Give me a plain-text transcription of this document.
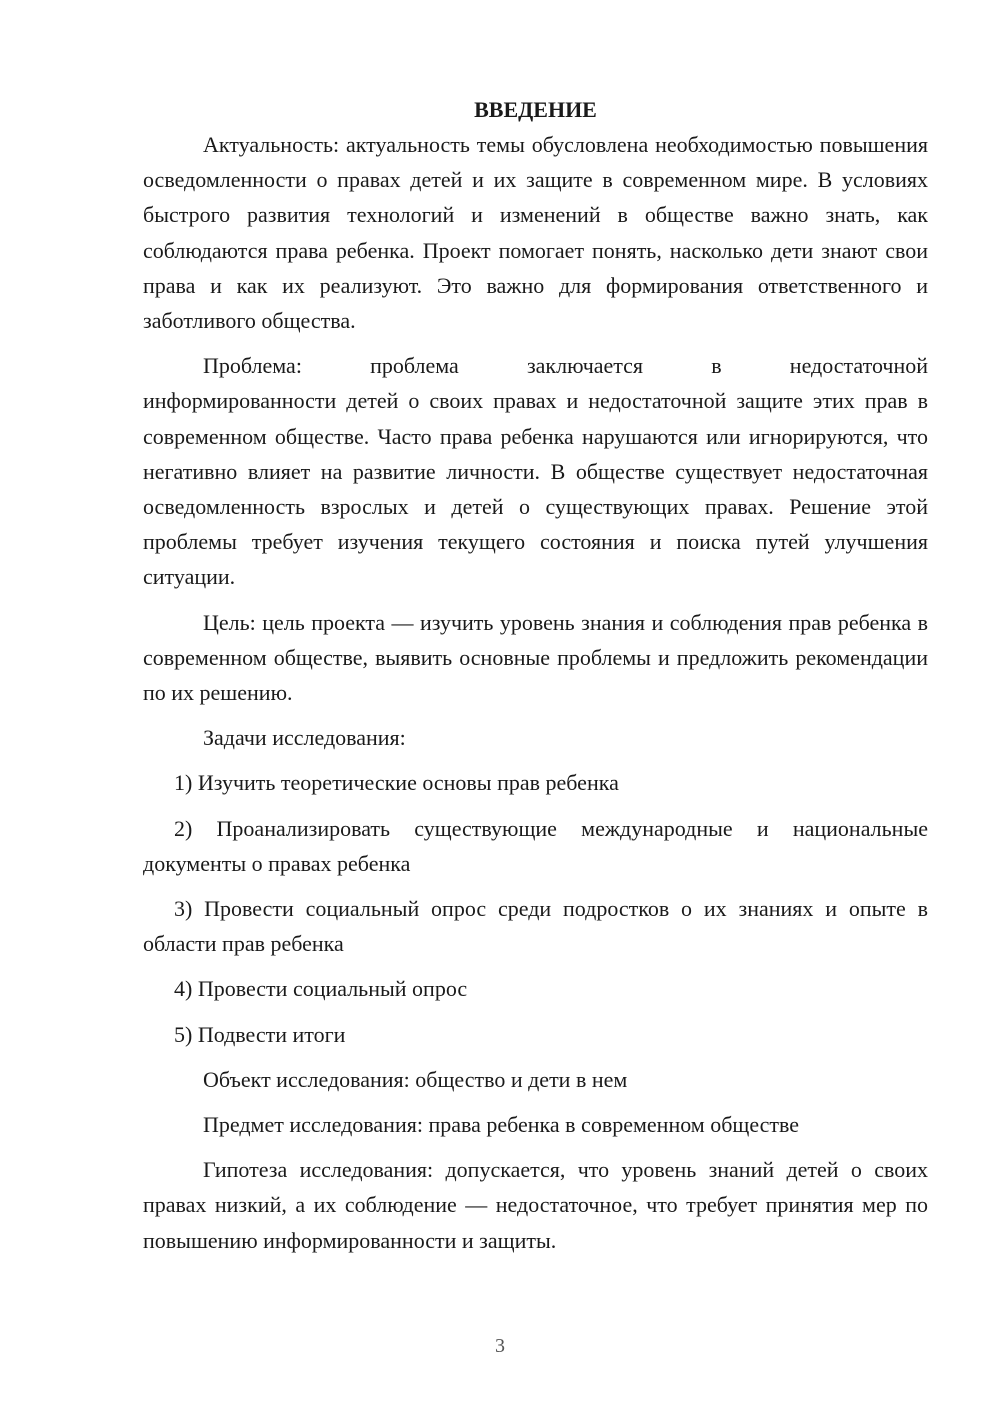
ВВЕДЕНИЕ

Актуальность: актуальность темы обусловлена необходимостью повышения осведомленности о правах детей и их защите в современном мире. В условиях быстрого развития технологий и изменений в обществе важно знать, как соблюдаются права ребенка. Проект помогает понять, насколько дети знают свои права и как их реализуют. Это важно для формирования ответственного и заботливого общества.

Проблема: проблема заключается в недостаточной

информированности детей о своих правах и недостаточной защите этих прав в современном обществе. Часто права ребенка нарушаются или игнорируются, что негативно влияет на развитие личности. В обществе существует недостаточная осведомленность взрослых и детей о существующих правах. Решение этой проблемы требует изучения текущего состояния и поиска путей улучшения ситуации.

Цель: цель проекта — изучить уровень знания и соблюдения прав ребенка в современном обществе, выявить основные проблемы и предложить рекомендации по их решению.

Задачи исследования:

1) Изучить теоретические основы прав ребенка

2) Проанализировать существующие международные и национальные документы о правах ребенка

3) Провести социальный опрос среди подростков о их знаниях и опыте в области прав ребенка

4) Провести социальный опрос

5) Подвести итоги

Объект исследования: общество и дети в нем

Предмет исследования: права ребенка в современном обществе

Гипотеза исследования: допускается, что уровень знаний детей о своих правах низкий, а их соблюдение — недостаточное, что требует принятия мер по повышению информированности и защиты.

3
